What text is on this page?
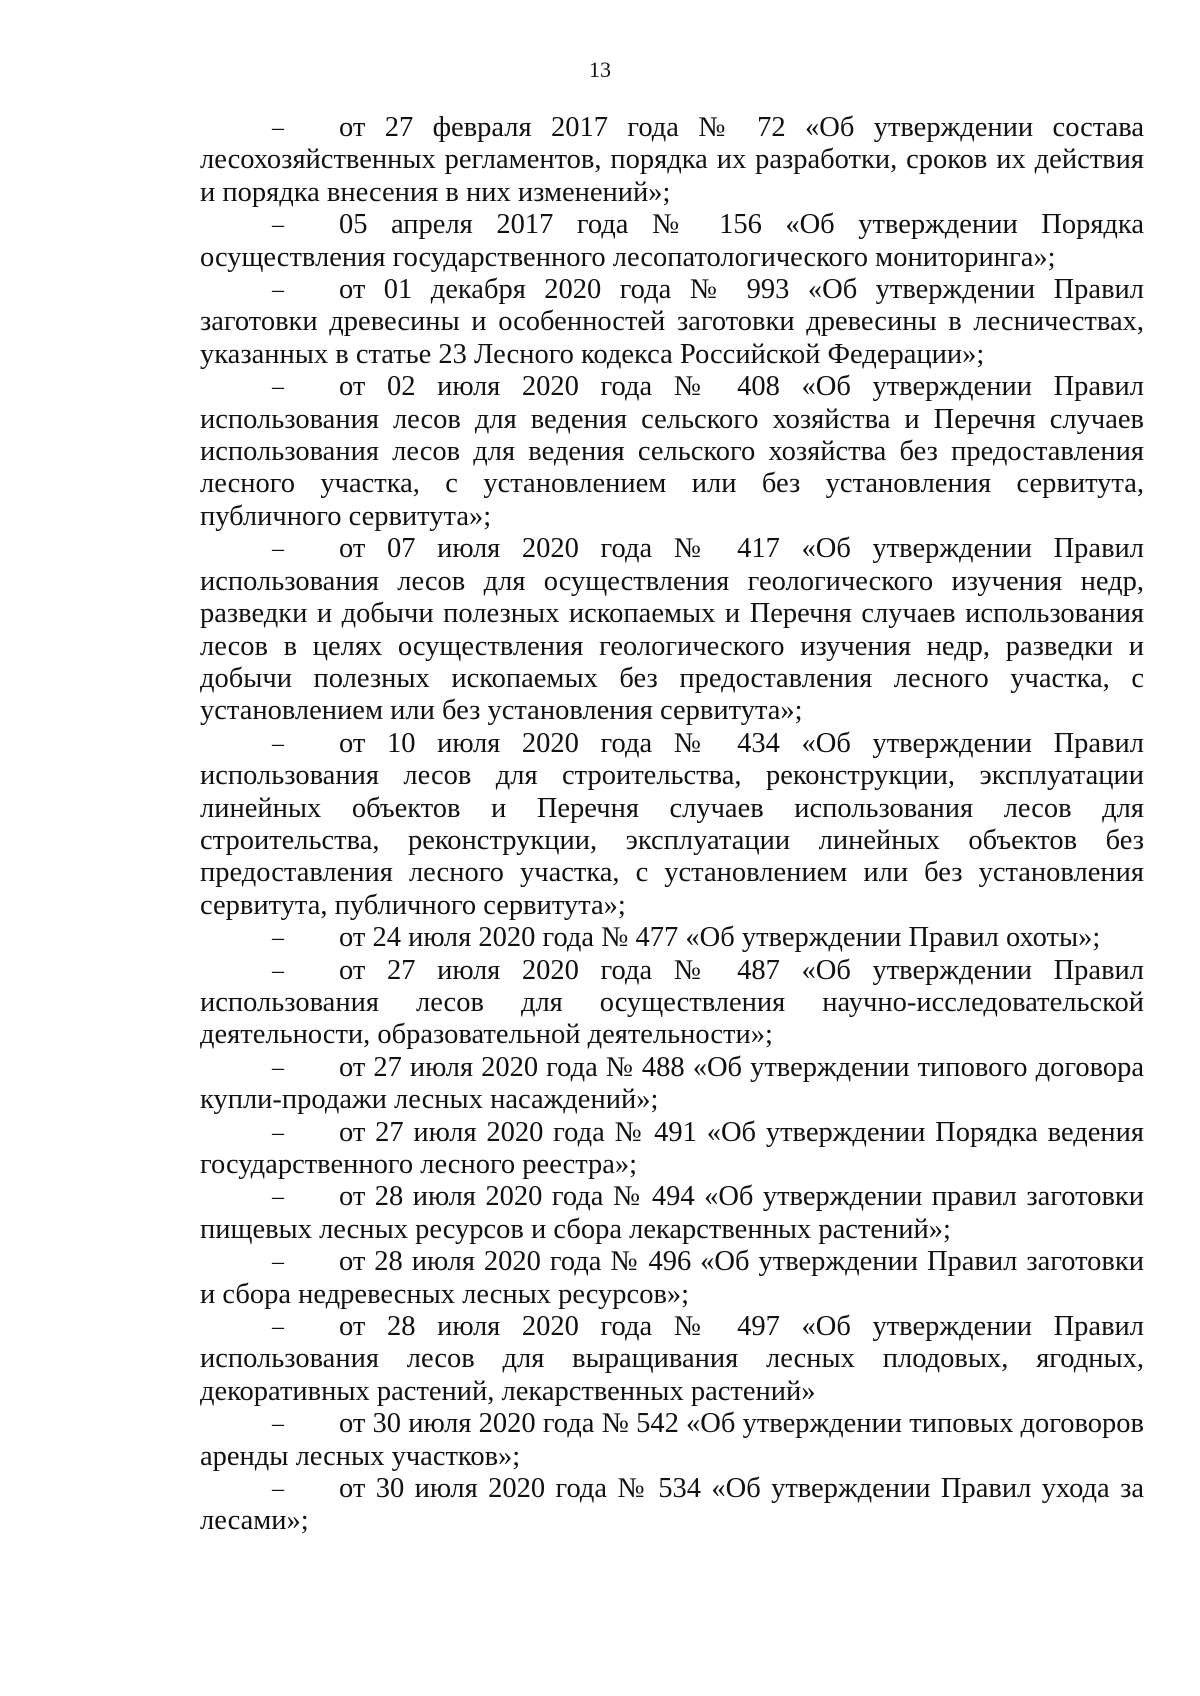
13

– от 27 февраля 2017 года № 72 «Об утверждении состава лесохозяйственных регламентов, порядка их разработки, сроков их действия и порядка внесения в них изменений»;

– 05 апреля 2017 года № 156 «Об утверждении Порядка осуществления государственного лесопатологического мониторинга»;

– от 01 декабря 2020 года № 993 «Об утверждении Правил заготовки древесины и особенностей заготовки древесины в лесничествах, указанных в статье 23 Лесного кодекса Российской Федерации»;

– от 02 июля 2020 года № 408 «Об утверждении Правил использования лесов для ведения сельского хозяйства и Перечня случаев использования лесов для ведения сельского хозяйства без предоставления лесного участка, с установлением или без установления сервитута, публичного сервитута»;

– от 07 июля 2020 года № 417 «Об утверждении Правил использования лесов для осуществления геологического изучения недр, разведки и добычи полезных ископаемых и Перечня случаев использования лесов в целях осуществления геологического изучения недр, разведки и добычи полезных ископаемых без предоставления лесного участка, с установлением или без установления сервитута»;

– от 10 июля 2020 года № 434 «Об утверждении Правил использования лесов для строительства, реконструкции, эксплуатации линейных объектов и Перечня случаев использования лесов для строительства, реконструкции, эксплуатации линейных объектов без предоставления лесного участка, с установлением или без установления сервитута, публичного сервитута»;

– от 24 июля 2020 года № 477 «Об утверждении Правил охоты»;

– от 27 июля 2020 года № 487 «Об утверждении Правил использования лесов для осуществления научно-исследовательской деятельности, образовательной деятельности»;

– от 27 июля 2020 года № 488 «Об утверждении типового договора купли-продажи лесных насаждений»;

– от 27 июля 2020 года № 491 «Об утверждении Порядка ведения государственного лесного реестра»;

– от 28 июля 2020 года № 494 «Об утверждении правил заготовки пищевых лесных ресурсов и сбора лекарственных растений»;

– от 28 июля 2020 года № 496 «Об утверждении Правил заготовки и сбора недревесных лесных ресурсов»;

– от 28 июля 2020 года № 497 «Об утверждении Правил использования лесов для выращивания лесных плодовых, ягодных, декоративных растений, лекарственных растений»

– от 30 июля 2020 года № 542 «Об утверждении типовых договоров аренды лесных участков»;

– от 30 июля 2020 года № 534 «Об утверждении Правил ухода за лесами»;
